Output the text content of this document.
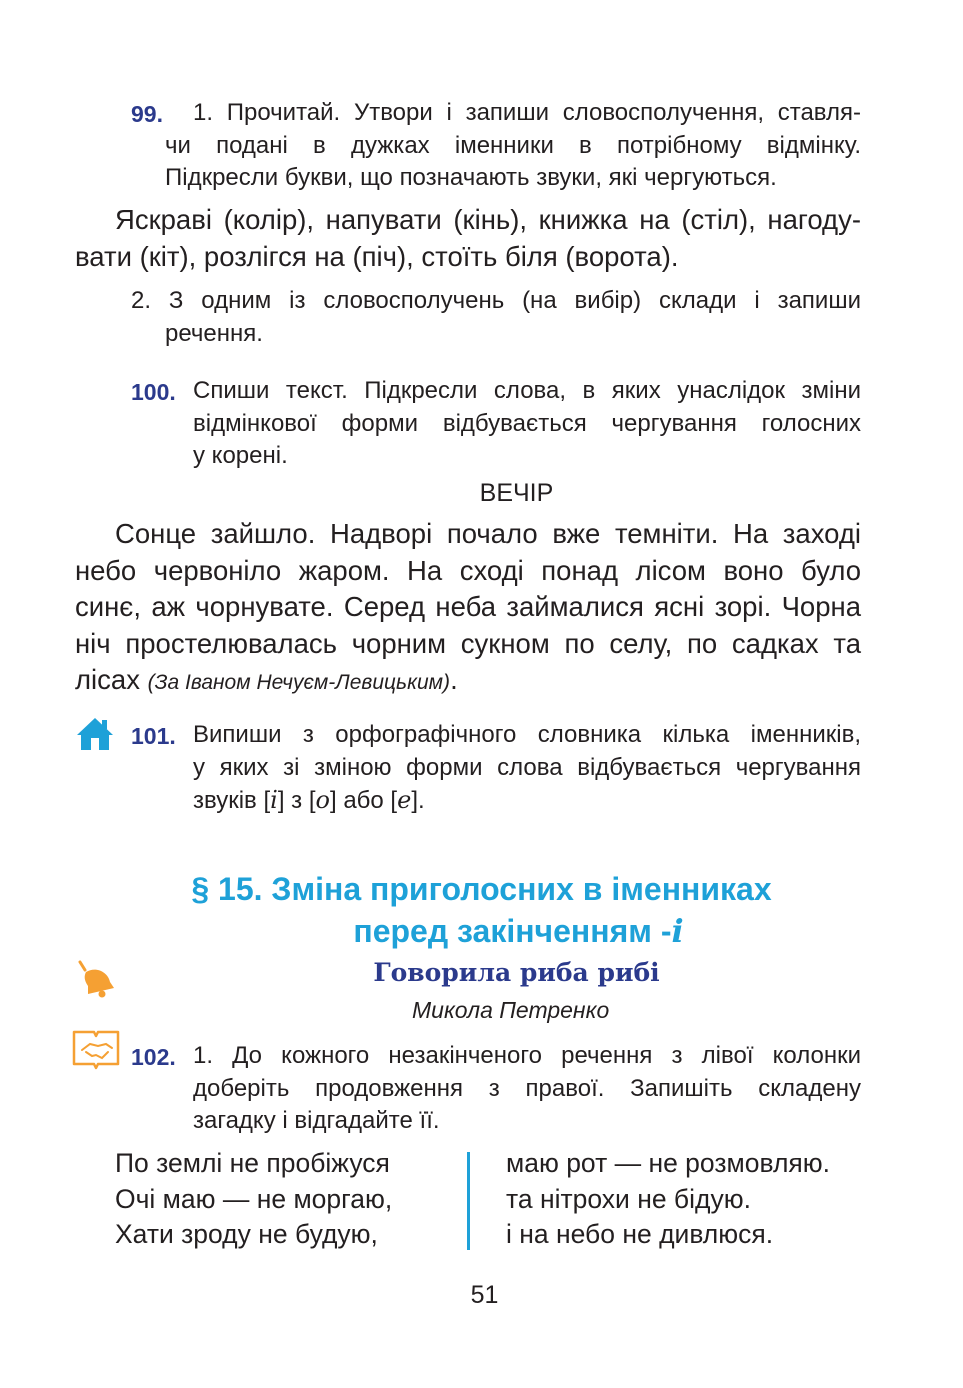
99. 1. Прочитай. Утвори і запиши словосполучення, ставля-
чи подані в дужках іменники в потрібному відмінку.
Підкресли букви, що позначають звуки, які чергуються.
Яскраві (колір), напувати (кінь), книжка на (стіл), нагоду-
вати (кіт), розлігся на (піч), стоїть біля (ворота).
2. З одним із словосполучень (на вибір) склади і запиши
речення.
100. Спиши текст. Підкресли слова, в яких унаслідок зміни
відмінкової форми відбувається чергування голосних
у корені.
ВЕЧІР
Сонце зайшло. Надворі почало вже темніти. На заході
небо червоніло жаром. На сході понад лісом воно було
синє, аж чорнувате. Серед неба займалися ясні зорі. Чорна
ніч простелювалась чорним сукном по селу, по садках та
лісах (За Іваном Нечуєм-Левицьким).
101. Випиши з орфографічного словника кілька іменників,
у яких зі зміною форми слова відбувається чергування
звуків [і] з [о] або [е].
§ 15. Зміна приголосних в іменниках
перед закінченням -і
Говорила риба рибі
Микола Петренко
102. 1. До кожного незакінченого речення з лівої колонки
доберіть продовження з правої. Запишіть складену
загадку і відгадайте її.
По землі не пробіжуся
Очі маю — не моргаю,
Хати зроду не будую,
маю рот — не розмовляю.
та нітрохи не бідую.
і на небо не дивлюся.
51
